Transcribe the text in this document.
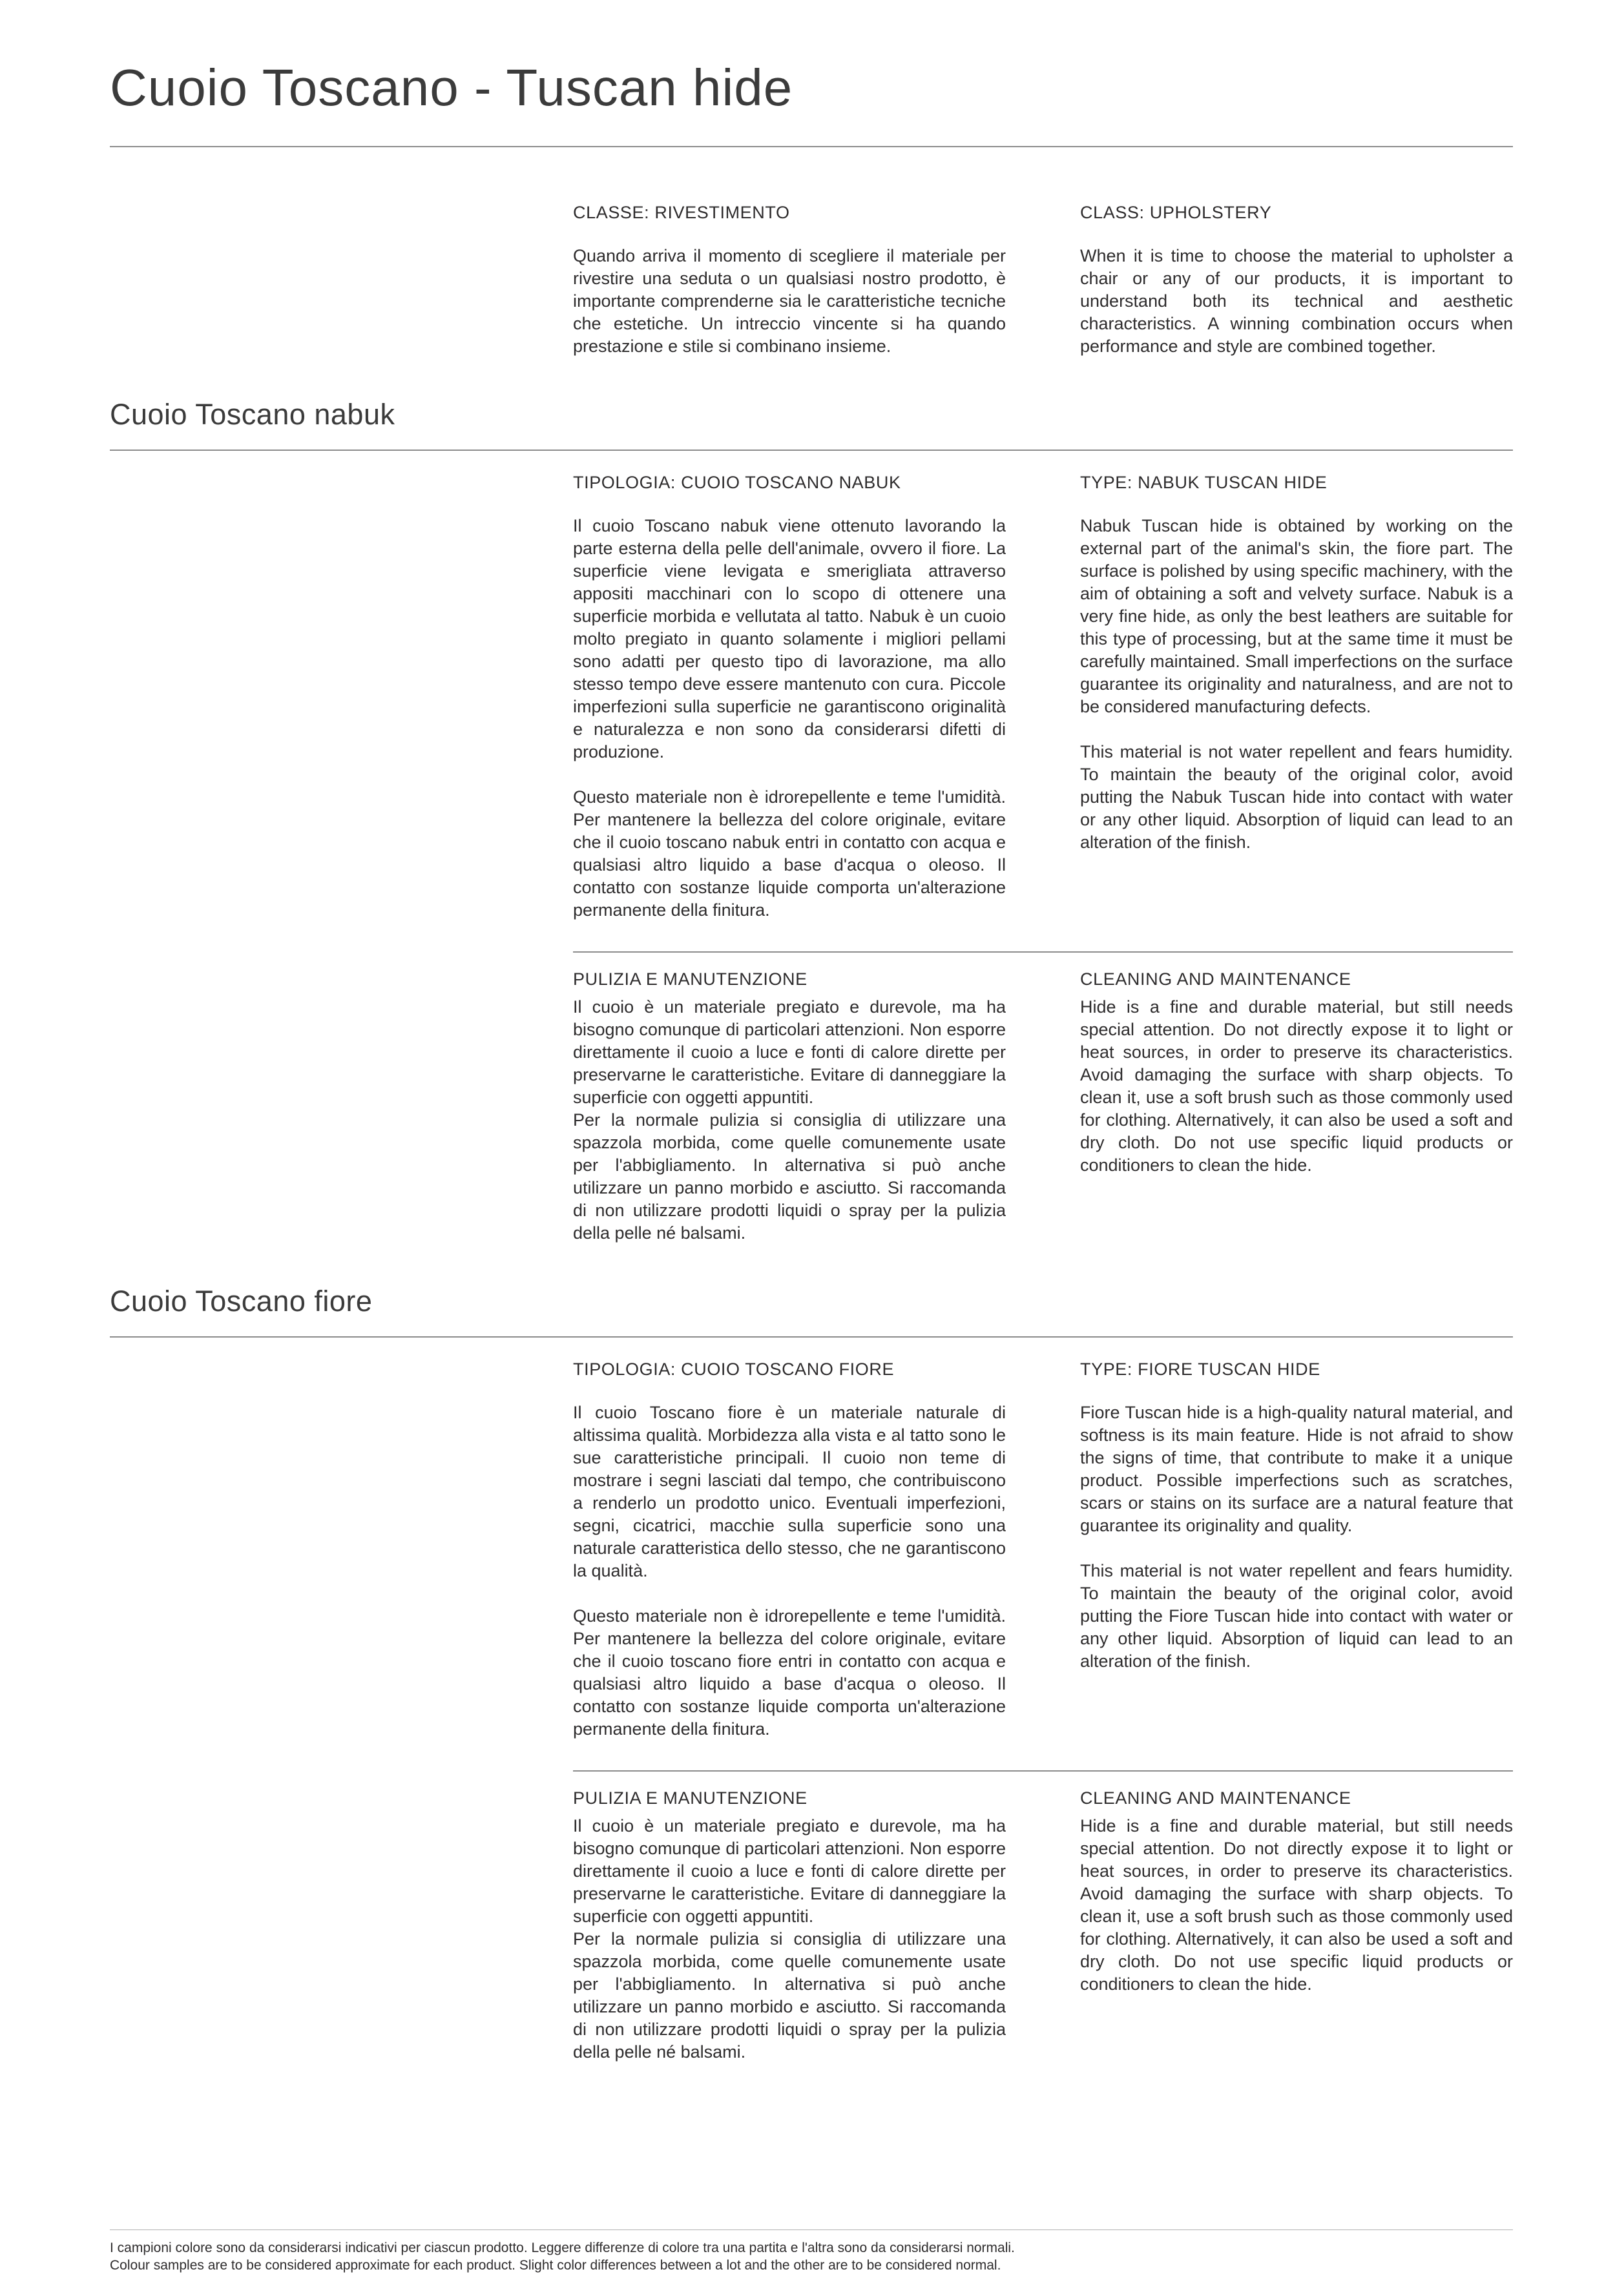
Cuoio Toscano - Tuscan hide
CLASSE: RIVESTIMENTO

Quando arriva il momento di scegliere il materiale per rivestire una seduta o un qualsiasi nostro prodotto, è importante comprenderne sia le caratteristiche tecniche che estetiche. Un intreccio vincente si ha quando prestazione e stile si combinano insieme.

CLASS: UPHOLSTERY

When it is time to choose the material to upholster a chair or any of our products, it is important to understand both its technical and aesthetic characteristics. A winning combination occurs when performance and style are combined together.

Cuoio Toscano nabuk
TIPOLOGIA: CUOIO TOSCANO NABUK

Il cuoio Toscano nabuk viene ottenuto lavorando la parte esterna della pelle dell'animale, ovvero il fiore. La superficie viene levigata e smerigliata attraverso appositi macchinari con lo scopo di ottenere una superficie morbida e vellutata al tatto. Nabuk è un cuoio molto pregiato in quanto solamente i migliori pellami sono adatti per questo tipo di lavorazione, ma allo stesso tempo deve essere mantenuto con cura. Piccole imperfezioni sulla superficie ne garantiscono originalità e naturalezza e non sono da considerarsi difetti di produzione.

Questo materiale non è idrorepellente e teme l'umidità. Per mantenere la bellezza del colore originale, evitare che il cuoio toscano nabuk entri in contatto con acqua e qualsiasi altro liquido a base d'acqua o oleoso. Il contatto con sostanze liquide comporta un'alterazione permanente della finitura.

TYPE: NABUK TUSCAN HIDE

Nabuk Tuscan hide is obtained by working on the external part of the animal's skin, the fiore part. The surface is polished by using specific machinery, with the aim of obtaining a soft and velvety surface. Nabuk is a very fine hide, as only the best leathers are suitable for this type of processing, but at the same time it must be carefully maintained. Small imperfections on the surface guarantee its originality and naturalness, and are not to be considered manufacturing defects.

This material is not water repellent and fears humidity. To maintain the beauty of the original color, avoid putting the Nabuk Tuscan hide into contact with water or any other liquid. Absorption of liquid can lead to an alteration of the finish.

PULIZIA E MANUTENZIONE

Il cuoio è un materiale pregiato e durevole, ma ha bisogno comunque di particolari attenzioni. Non esporre direttamente il cuoio a luce e fonti di calore dirette per preservarne le caratteristiche. Evitare di danneggiare la superficie con oggetti appuntiti.

Per la normale pulizia si consiglia di utilizzare una spazzola morbida, come quelle comunemente usate per l'abbigliamento. In alternativa si può anche utilizzare un panno morbido e asciutto. Si raccomanda di non utilizzare prodotti liquidi o spray per la pulizia della pelle né balsami.

CLEANING AND MAINTENANCE

Hide is a fine and durable material, but still needs special attention. Do not directly expose it to light or heat sources, in order to preserve its characteristics. Avoid damaging the surface with sharp objects. To clean it, use a soft brush such as those commonly used for clothing. Alternatively, it can also be used a soft and dry cloth. Do not use specific liquid products or conditioners to clean the hide.

Cuoio Toscano fiore
TIPOLOGIA: CUOIO TOSCANO FIORE

Il cuoio Toscano fiore è un materiale naturale di altissima qualità. Morbidezza alla vista e al tatto sono le sue caratteristiche principali. Il cuoio non teme di mostrare i segni lasciati dal tempo, che contribuiscono a renderlo un prodotto unico. Eventuali imperfezioni, segni, cicatrici, macchie sulla superficie sono una naturale caratteristica dello stesso, che ne garantiscono la qualità.

Questo materiale non è idrorepellente e teme l'umidità. Per mantenere la bellezza del colore originale, evitare che il cuoio toscano fiore entri in contatto con acqua e qualsiasi altro liquido a base d'acqua o oleoso. Il contatto con sostanze liquide comporta un'alterazione permanente della finitura.

TYPE: FIORE TUSCAN HIDE

Fiore Tuscan hide is a high-quality natural material, and softness is its main feature. Hide is not afraid to show the signs of time, that contribute to make it a unique product. Possible imperfections such as scratches, scars or stains on its surface are a natural feature that guarantee its originality and quality.

This material is not water repellent and fears humidity. To maintain the beauty of the original color, avoid putting the Fiore Tuscan hide into contact with water or any other liquid. Absorption of liquid can lead to an alteration of the finish.

PULIZIA E MANUTENZIONE

Il cuoio è un materiale pregiato e durevole, ma ha bisogno comunque di particolari attenzioni. Non esporre direttamente il cuoio a luce e fonti di calore dirette per preservarne le caratteristiche. Evitare di danneggiare la superficie con oggetti appuntiti.

Per la normale pulizia si consiglia di utilizzare una spazzola morbida, come quelle comunemente usate per l'abbigliamento. In alternativa si può anche utilizzare un panno morbido e asciutto. Si raccomanda di non utilizzare prodotti liquidi o spray per la pulizia della pelle né balsami.

CLEANING AND MAINTENANCE

Hide is a fine and durable material, but still needs special attention. Do not directly expose it to light or heat sources, in order to preserve its characteristics. Avoid damaging the surface with sharp objects. To clean it, use a soft brush such as those commonly used for clothing. Alternatively, it can also be used a soft and dry cloth. Do not use specific liquid products or conditioners to clean the hide.

I campioni colore sono da considerarsi indicativi per ciascun prodotto. Leggere differenze di colore tra una partita e l'altra sono da considerarsi normali.

Colour samples are to be considered approximate for each product. Slight color differences between a lot and the other are to be considered normal.
